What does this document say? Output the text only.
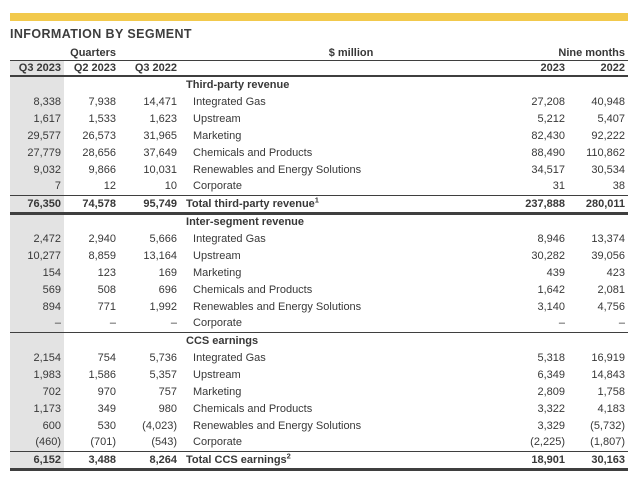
INFORMATION BY SEGMENT
Quarters			$ million	Nine months	
Q3 2023	Q2 2023	Q3 2022		2023	2022
			Third-party revenue		
8,338	7,938	14,471	Integrated Gas	27,208	40,948
1,617	1,533	1,623	Upstream	5,212	5,407
29,577	26,573	31,965	Marketing	82,430	92,222
27,779	28,656	37,649	Chemicals and Products	88,490	110,862
9,032	9,866	10,031	Renewables and Energy Solutions	34,517	30,534
7	12	10	Corporate	31	38
76,350	74,578	95,749	Total third-party revenue$^1$	237,888	280,011
			Inter-segment revenue		
2,472	2,940	5,666	Integrated Gas	8,946	13,374
10,277	8,859	13,164	Upstream	30,282	39,056
154	123	169	Marketing	439	423
569	508	696	Chemicals and Products	1,642	2,081
894	771	1,992	Renewables and Energy Solutions	3,140	4,756
–	–	–	Corporate	–	–
			CCS earnings		
2,154	754	5,736	Integrated Gas	5,318	16,919
1,983	1,586	5,357	Upstream	6,349	14,843
702	970	757	Marketing	2,809	1,758
1,173	349	980	Chemicals and Products	3,322	4,183
600	530	(4,023)	Renewables and Energy Solutions	3,329	(5,732)
(460)	(701)	(543)	Corporate	(2,225)	(1,807)
6,152	3,488	8,264	Total CCS earnings$^2$	18,901	30,163
